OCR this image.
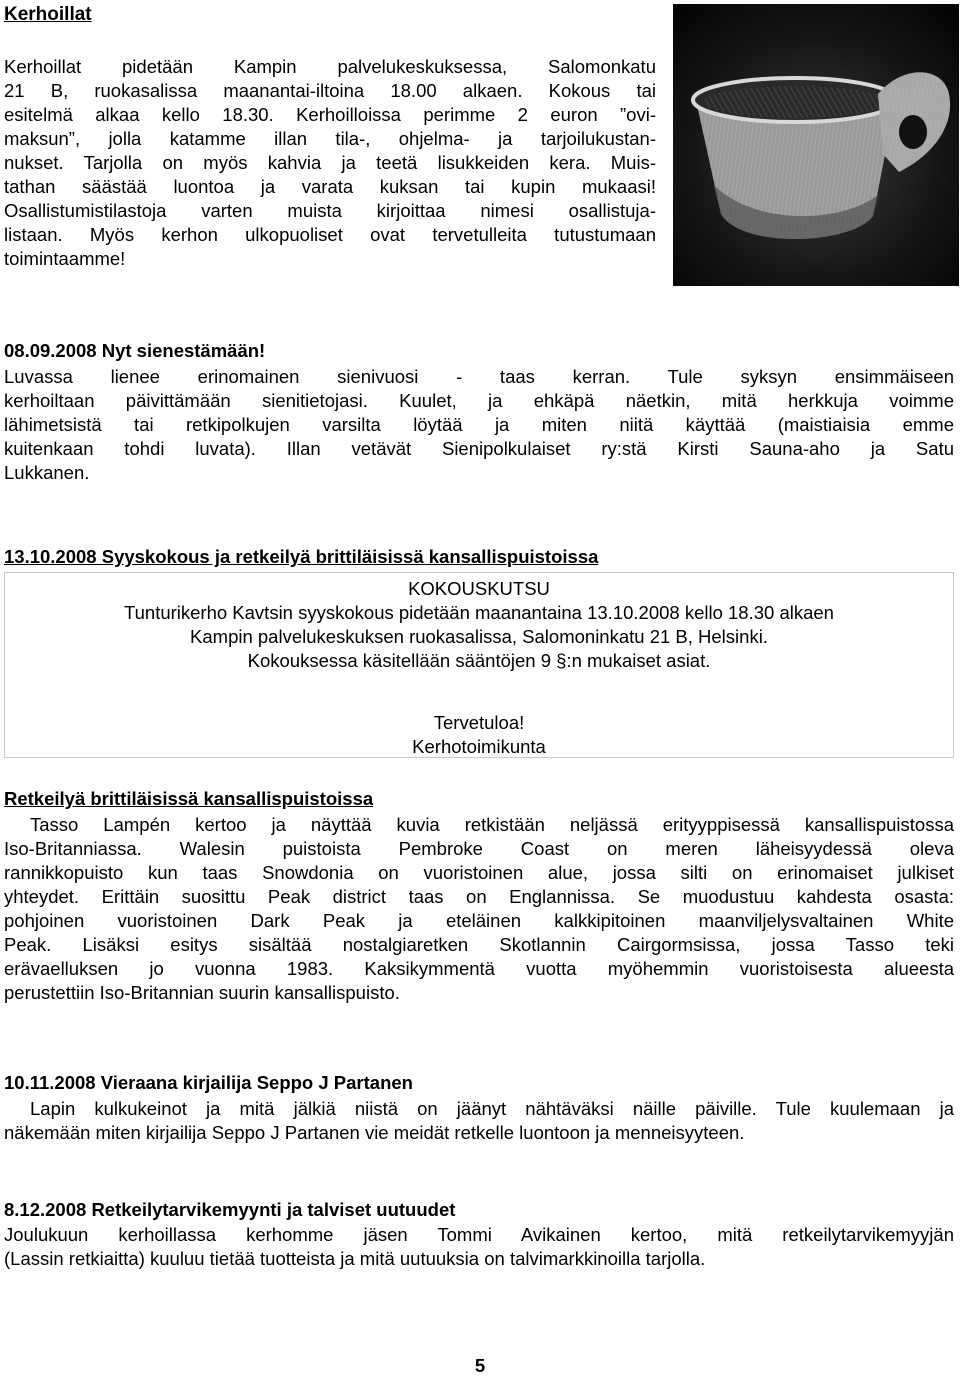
Kerhoillat
Kerhoillat pidetään Kampin palvelukeskuksessa, Salomonkatu
21 B, ruokasalissa maanantai-iltoina 18.00 alkaen. Kokous tai
esitelmä alkaa kello 18.30. Kerhoilloissa perimme 2 euron ”ovi-
maksun”, jolla katamme illan tila-, ohjelma- ja tarjoilukustan-
nukset. Tarjolla on myös kahvia ja teetä lisukkeiden kera. Muis-
tathan säästää luontoa ja varata kuksan tai kupin mukaasi!
Osallistumistilastoja varten muista kirjoittaa nimesi osallistuja-
listaan. Myös kerhon ulkopuoliset ovat tervetulleita tutustumaan
toimintaamme!
08.09.2008 Nyt sienestämään!
Luvassa lienee erinomainen sienivuosi - taas kerran. Tule syksyn ensimmäiseen
kerhoiltaan päivittämään sienitietojasi. Kuulet, ja ehkäpä näetkin, mitä herkkuja voimme
lähimetsistä tai retkipolkujen varsilta löytää ja miten niitä käyttää (maistiaisia emme
kuitenkaan tohdi luvata). Illan vetävät Sienipolkulaiset ry:stä Kirsti Sauna-aho ja Satu
Lukkanen.
13.10.2008 Syyskokous ja retkeilyä brittiläisissä kansallispuistoissa
KOKOUSKUTSU
Tunturikerho Kavtsin syyskokous pidetään maanantaina 13.10.2008 kello 18.30 alkaen
Kampin palvelukeskuksen ruokasalissa, Salomoninkatu 21 B, Helsinki.
Kokouksessa käsitellään sääntöjen 9 §:n mukaiset asiat.
Tervetuloa!
Kerhotoimikunta
Retkeilyä brittiläisissä kansallispuistoissa
Tasso Lampén kertoo ja näyttää kuvia retkistään neljässä erityyppisessä kansallispuistossa
Iso-Britanniassa. Walesin puistoista Pembroke Coast on meren läheisyydessä oleva
rannikkopuisto kun taas Snowdonia on vuoristoinen alue, jossa silti on erinomaiset julkiset
yhteydet. Erittäin suosittu Peak district taas on Englannissa. Se muodustuu kahdesta osasta:
pohjoinen vuoristoinen Dark Peak ja eteläinen kalkkipitoinen maanviljelysvaltainen White
Peak. Lisäksi esitys sisältää nostalgiaretken Skotlannin Cairgormsissa, jossa Tasso teki
erävaelluksen jo vuonna 1983. Kaksikymmentä vuotta myöhemmin vuoristoisesta alueesta
perustettiin Iso-Britannian suurin kansallispuisto.
10.11.2008 Vieraana kirjailija Seppo J Partanen
Lapin kulkukeinot ja mitä jälkiä niistä on jäänyt nähtäväksi näille päiville. Tule kuulemaan ja
näkemään miten kirjailija Seppo J Partanen vie meidät retkelle luontoon ja menneisyyteen.
8.12.2008 Retkeilytarvikemyynti ja talviset uutuudet
Joulukuun kerhoillassa kerhomme jäsen Tommi Avikainen kertoo, mitä retkeilytarvikemyyjän
(Lassin retkiaitta) kuuluu tietää tuotteista ja mitä uutuuksia on talvimarkkinoilla tarjolla.
5
